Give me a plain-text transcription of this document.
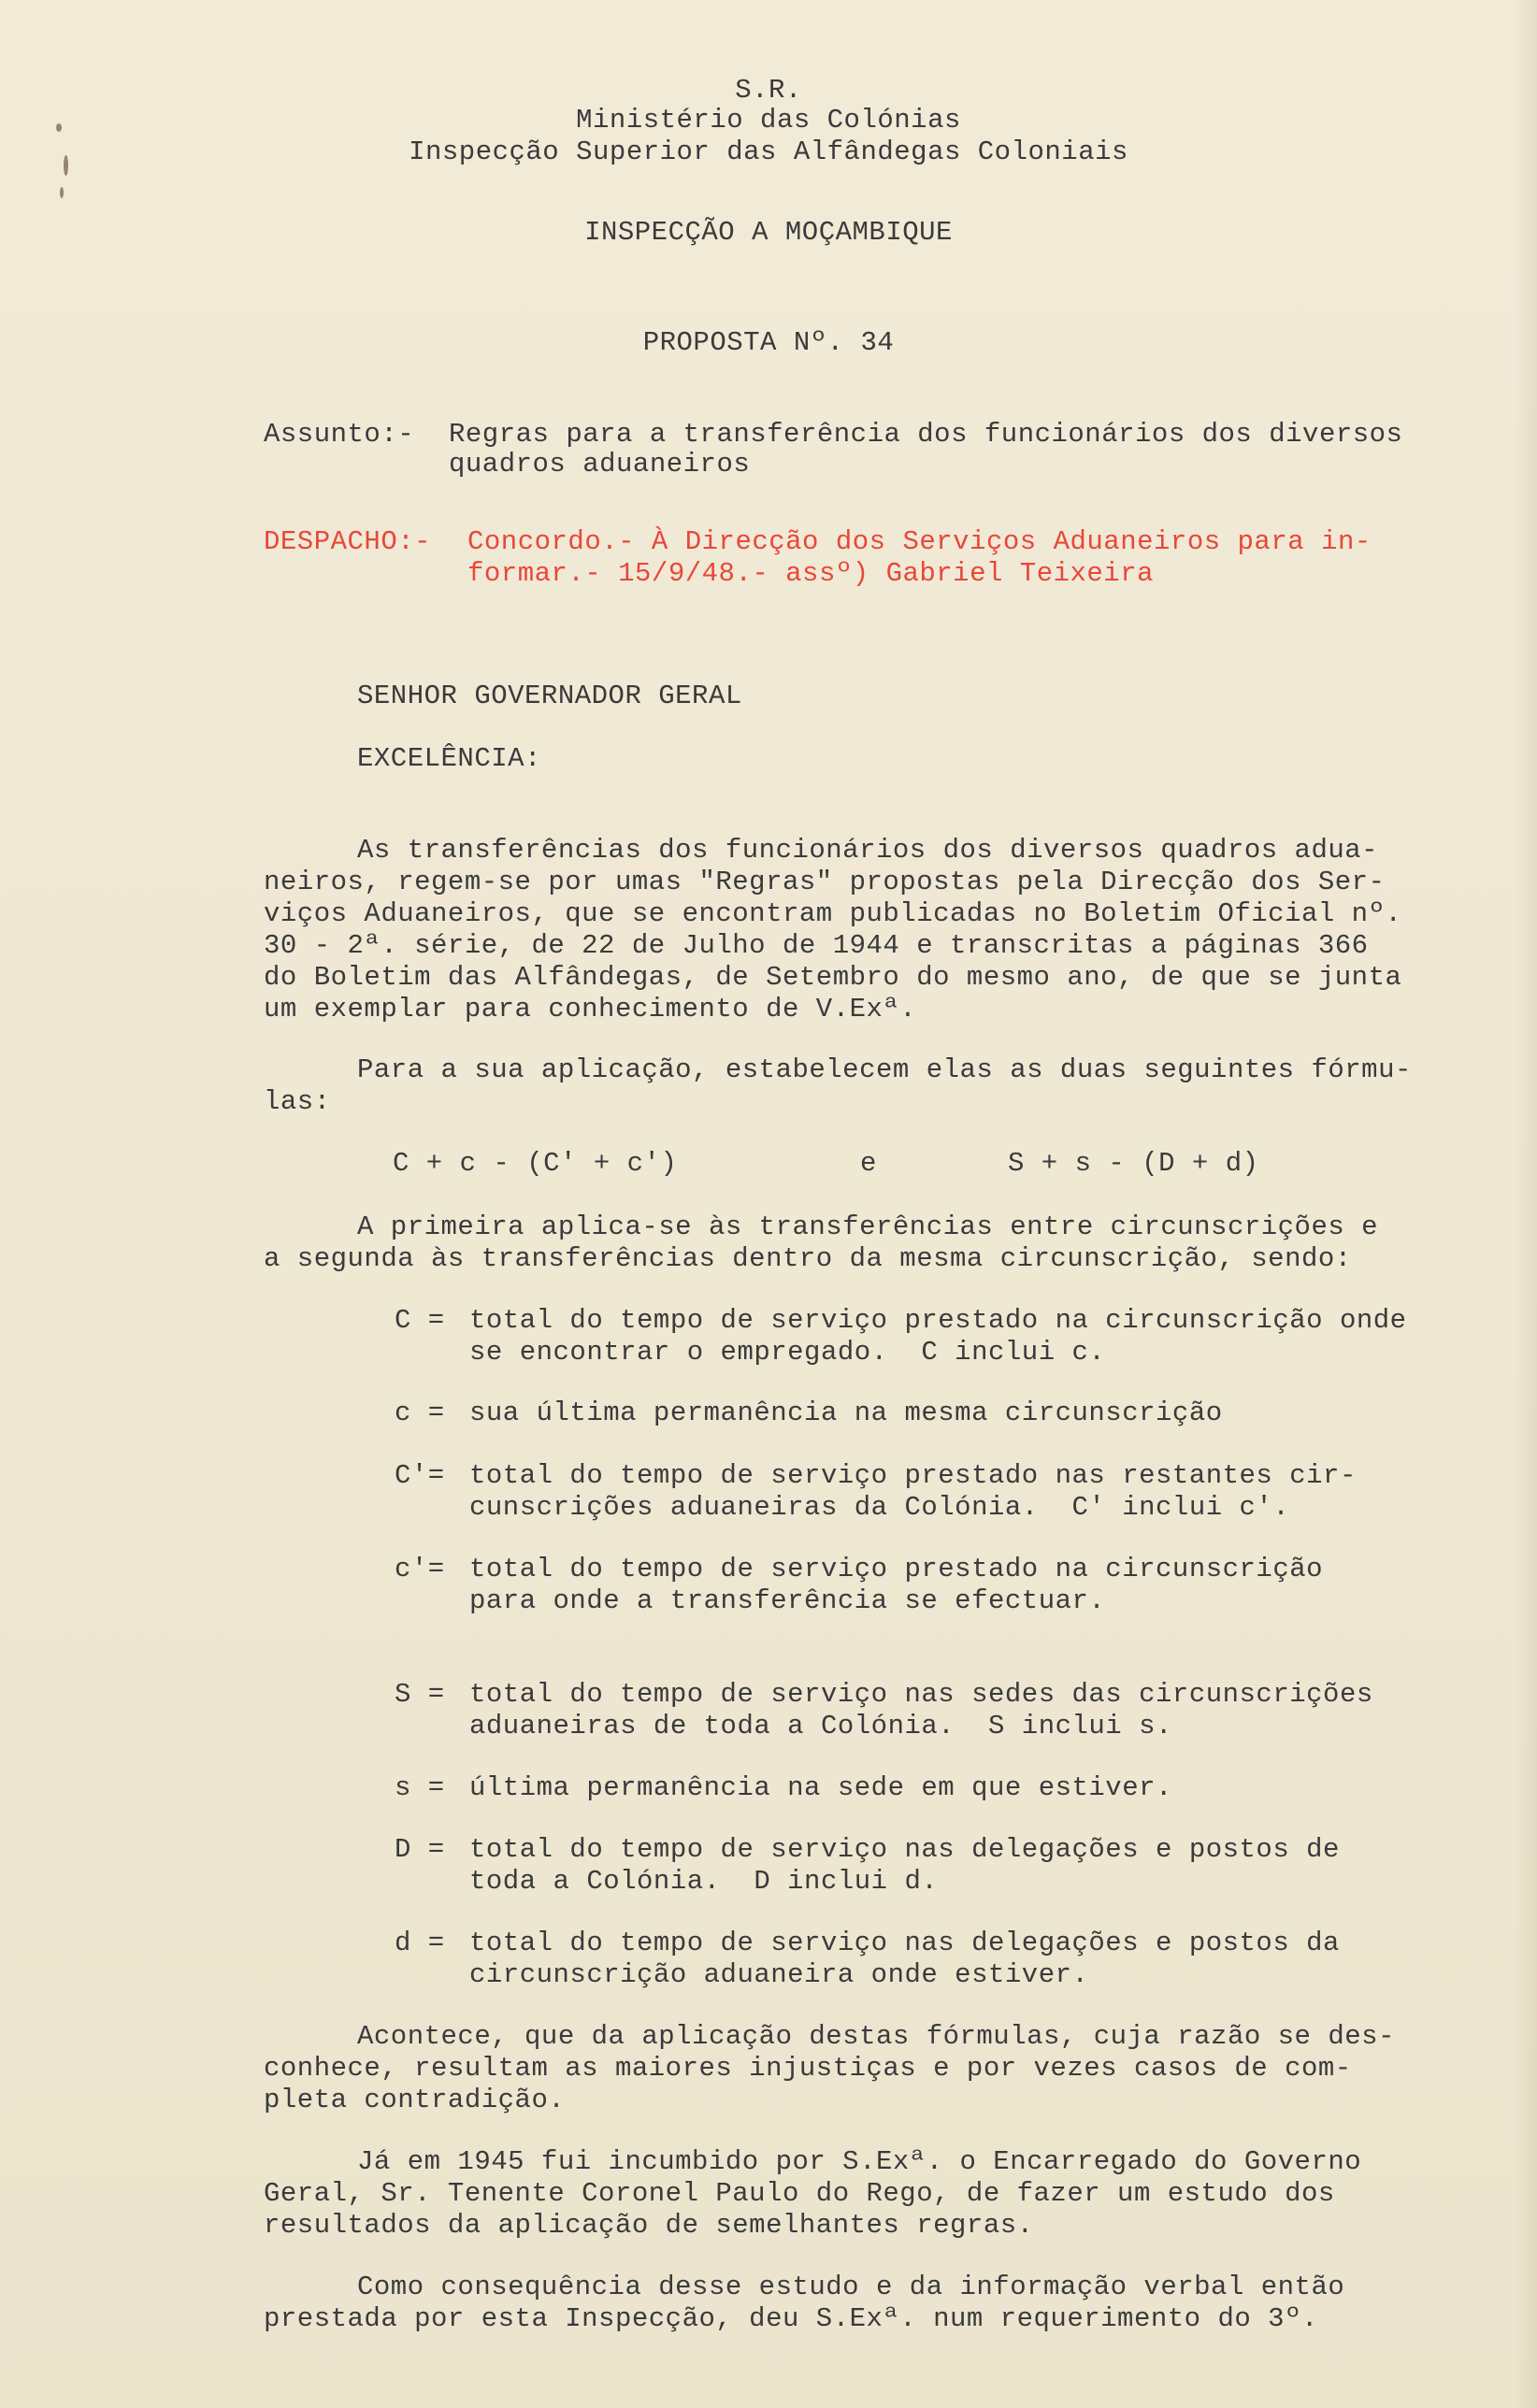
S.R.
Ministério das Colónias
Inspecção Superior das Alfândegas Coloniais
INSPECÇÃO A MOÇAMBIQUE
PROPOSTA Nº. 34
Assunto:- Regras para a transferência dos funcionários dos diversos
quadros aduaneiros
DESPACHO:- Concordo.- À Direcção dos Serviços Aduaneiros para in-
formar.- 15/9/48.- assº) Gabriel Teixeira
SENHOR GOVERNADOR GERAL
EXCELÊNCIA:
As transferências dos funcionários dos diversos quadros adua-
neiros, regem-se por umas "Regras" propostas pela Direcção dos Ser-
viços Aduaneiros, que se encontram publicadas no Boletim Oficial nº.
30 - 2ª. série, de 22 de Julho de 1944 e transcritas a páginas 366
do Boletim das Alfândegas, de Setembro do mesmo ano, de que se junta
um exemplar para conhecimento de V.Exª.
Para a sua aplicação, estabelecem elas as duas seguintes fórmu-
las:
C + c - (C' + c')	e	S + s - (D + d)
A primeira aplica-se às transferências entre circunscrições e
a segunda às transferências dentro da mesma circunscrição, sendo:
C = total do tempo de serviço prestado na circunscrição onde
se encontrar o empregado.  C inclui c.
c = sua última permanência na mesma circunscrição
C'= total do tempo de serviço prestado nas restantes cir-
cunscrições aduaneiras da Colónia.  C' inclui c'.
c'= total do tempo de serviço prestado na circunscrição
para onde a transferência se efectuar.
S = total do tempo de serviço nas sedes das circunscrições
aduaneiras de toda a Colónia.  S inclui s.
s = última permanência na sede em que estiver.
D = total do tempo de serviço nas delegações e postos de
toda a Colónia.  D inclui d.
d = total do tempo de serviço nas delegações e postos da
circunscrição aduaneira onde estiver.
Acontece, que da aplicação destas fórmulas, cuja razão se des-
conhece, resultam as maiores injustiças e por vezes casos de com-
pleta contradição.
Já em 1945 fui incumbido por S.Exª. o Encarregado do Governo
Geral, Sr. Tenente Coronel Paulo do Rego, de fazer um estudo dos
resultados da aplicação de semelhantes regras.
Como consequência desse estudo e da informação verbal então
prestada por esta Inspecção, deu S.Exª. num requerimento do 3º.
